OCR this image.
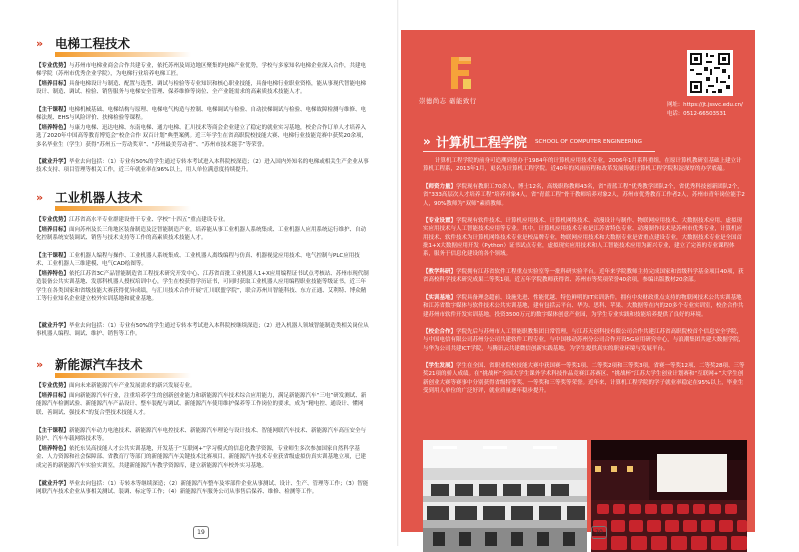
» 电梯工程技术

【专业优势】与苏州市电梯业商会合作共建专业，依托苏州及周边地区聚集的电梯产业优势，学校与多家知名电梯企业深入合作，共建电梯学院（苏州市优秀企业学院），为电梯行业培养电梯工匠。

【培养目标】具备电梯设计与制造、配置与选型、调试与检验等专业知识和核心职业技能，具备电梯行业职业资格，能从事现代智能电梯设计、制造、调试、检验、销售服务与电梯安全管理、保养维修等岗位、全产业链需求的高素质技术技能人才。

【主干课程】电梯机械基础、电梯结构与原理、电梯电气构造与控制、电梯调试与检验、自动扶梯调试与检验、电梯故障检测与维修、电梯法规、EHS与风险评价、扶梯检验等课程。

【培养特色】与康力电梯、迅达电梯、东南电梯、通力电梯、汇川技术等商会企业建立了稳定的就业实习基地，校企合作订单人才培养入选了2020年中国高等教育博览会“校企合作 双百计划”典型案例。近三年学生在省高职院校技能大赛、电梯行业技能竞赛中获奖20余项，多名毕业生（学生）获得“苏州五一劳动奖章”、“苏州最美劳动者”、“苏州市技术能手”等荣誉。

【就业升学】毕业去向包括：（1）专业有50%的学生通过专转本考试进入本科院校深造；（2）进入国内外知名的电梯或相关生产企业从事技术支持、项目管理等相关工作，近三年就业率在96%以上，用人单位满意度持续提升。

» 工业机器人技术

【专业优势】江苏省高水平专业群建设骨干专业、学校“十四五”重点建设专业。

【培养目标】面向苏州及长三角地区装备制造及泛智能制造产业，培养能从事工业机器人系统集成、工业机器人应用系统运行维护、自动化控制系统安装调试、销售与技术支持等工作的高素质技术技能人才。

【主干课程】工业机器人编程与操作、工业机器人系统集成、工业机器人离线编程与仿真、机器视觉应用技术、电气控制与PLC应用技术、工业机器人三维建模、电气CAD绘图等。

【培养特色】依托江苏省3C产品智能制造省工程技术研究开发中心、江苏省首批工业机器人1+X应用编程证书试点考核站、苏州市现代制造装备公共实训基地、发那科机器人授权培训中心，学生在校获得学历证书，可同时获取工业机器人应用编程职业技能等级证书，近三年学生在各类国家和省级技能大赛获得优异成绩，与汇川技术合作开展“汇川联盟学院”，联合苏州川智能科技、东方正通、艾利特、博众精工等行业知名企业建立校外实训基地和就业基地。

【就业升学】毕业去向包括：（1）专业有50%的学生通过专转本考试进入本科院校继续深造；（2）进入机器人领域智能制造类相关岗位从事机器人编程、调试、维护、销售等工作。

» 新能源汽车技术

【专业优势】面向未来新能源汽车产业发展需求的新兴发展专业。

【培养目标】面向新能源汽车行业，注重培养学生的创新创业能力和新能源汽车技术综合应用能力，满足新能源汽车“三电”研发测试、新能源汽车检测试验、新能源汽车产品设计、整车装配与调试、新能源汽车使用维护保养等工作岗位的要求，成为“精电控、通设计、懂网联、善调试、强技术”的复合型技术技能人才。

【主干课程】新能源汽车动力电池技术、新能源汽车电控技术、新能源汽车理论与设计技术、智能网联汽车技术、新能源汽车高压安全与防护、汽车车载网络技术等。

【培养特色】依托东吴高技能人才公共实训基地，开发基于“互联网+”学习模式的信息化教学资源，专业师生多次参加国家自然科学基金、人力资源和社会保障部、省教育厅等部门的新能源汽车关键技术比赛项目，新能源汽车技术专业获省级虚拟仿真实训基地立项，已建成完善的新能源汽车实验实训室，共建新能源汽车教学资源库，建立新能源汽车校外实习基地。

【就业升学】毕业去向包括：（1）专转本等继续深造；（2）新能源汽车整车及零部件企业从事测试、设计、生产、管理等工作；（3）智能网联汽车技术企业从事相关测试、装调、标定等工作；（4）新能源汽车服务公司从事售后保养、维修、检测等工作。

19
崇德尚志 砺能致行	网址：https://jt.jssvc.edu.cn/
电话：0512-66503531
» 计算机工程学院 SCHOOL OF COMPUTER ENGINEERING

计算机工程学院的前身可追溯到创办于1984年的计算机应用技术专业，2006年1月系科重组，在原计算机教研室基础上建立计算机工程系，2013年1月，更名为计算机工程学院。近40年的风雨历程和改革发展铸就计算机工程学院积淀深厚的办学底蕴。

【师资力量】学院现有教职工70余人，博士12名，高级职称教师43名，省“青蓝工程”优秀教学团队2个，省优秀科技创新团队2个，省“333高层次人才培养工程”培养对象4人，省“青蓝工程”骨干教师培养对象2人，苏州市优秀教育工作者2人，苏州市青年岗位能手2人，90%教师为“双师”素质教师。

【专业设置】学院现有软件技术、计算机应用技术、计算机网络技术、动漫设计与制作、物联网应用技术、大数据技术应用、虚拟现实应用技术与人工智能技术应用等专业。其中，计算机应用技术专业是江苏省特色专业、动漫制作技术是苏州市优秀专业，计算机应用技术、软件技术为计算机网络技术专业是校品牌专业，物联网应用技术和大数据专业是省重点建设专业，大数据技术专业是全国首批1+X大数据应用开发（Python）证书试点专业，虚拟现实应用技术和人工智能技术应用为新兴专业，建立了完善的专业课程体系，服务于信息化建设的各个领域。

【教学科研】学院拥有江苏省软件工程重点实验室等一批科研实验平台。近年来学院教师主持完成国家和省级科学基金项目40项，获省高校科学技术研究成果二等奖1项。近五年学院教师获得省、苏州市等奖项荣誉40余项，参编出版教材20余部。

【实训基地】学院具备理念超前、设施先进、性能优越、特色鲜明的IT实训条件，拥有中央财政重点支持的物联网技术公共实训基地和江苏省数字媒体与软件技术公共实训基地，建有包括云平台、华为、思科、苹果、大数据等在内的20多个专业实训室，校企合作共建苏州市软件开发实训基地，投资3500万元的数字媒体创意产业园，为学生专业实践和技能培养提供了良好的环境。

【校企合作】学院先后与苏州市人工智能职教集团日常管理，与江苏天创科技有限公司合作共建江苏省高职院校首个信息安全学院，与中国电信有限公司苏州分公司共建软件工程专业，与中国移动苏州分公司合作开设5G应用研究中心，与浪潮集团共建大数据学院，与华为公司共建ICT学院，与腾讯云共建微信创新实践基地，为学生提供真实的职业环境与发展平台。

【学生发展】学生在全国、省职业院校技能大赛中获国赛一等奖1项、二等奖2项和三等奖3项，省赛一等奖12项、二等奖28项、三等奖21项的骄人成绩。在“挑战杯”全国大学生课外学术科技作品竞赛江苏赛区、“挑战杯”江苏大学生创业计划赛和“互联网+”大学生创新创业大赛等赛事中分别获得省级特等奖、一等奖和三等奖等荣誉。近年来，计算机工程学院的学子就业率稳定在95%以上，毕业生受到用人单位的广泛好评，就业质量逐年稳步提升。

20
